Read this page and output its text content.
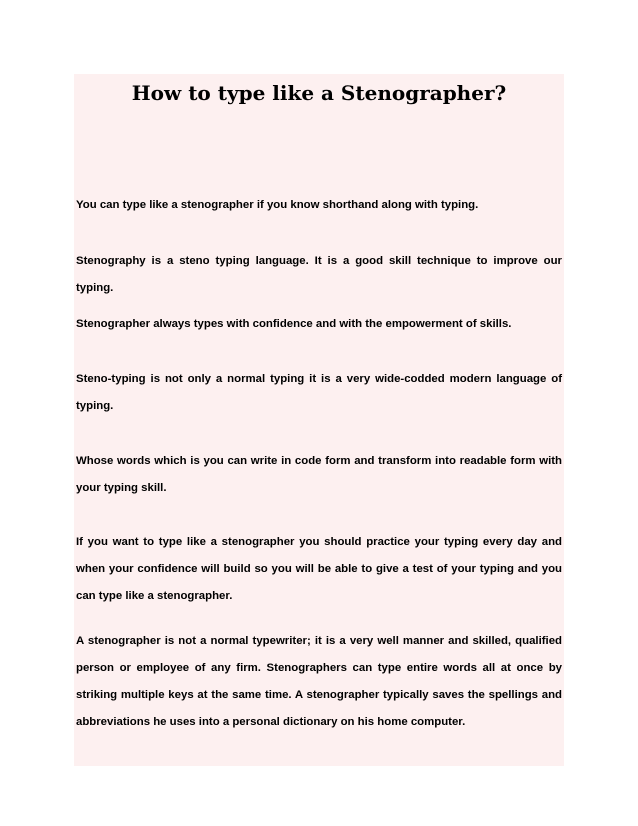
How to type like a Stenographer?

You can type like a stenographer if you know shorthand along with typing.

Stenography is a steno typing language. It is a good skill technique to improve our typing.

Stenographer always types with confidence and with the empowerment of skills.

Steno-typing is not only a normal typing it is a very wide-codded modern language of typing.

Whose words which is you can write in code form and transform into readable form with your typing skill.

If you want to type like a stenographer you should practice your typing every day and when your confidence will build so you will be able to give a test of your typing and you can type like a stenographer.

A stenographer is not a normal typewriter; it is a very well manner and skilled, qualified person or employee of any firm. Stenographers can type entire words all at once by striking multiple keys at the same time. A stenographer typically saves the spellings and abbreviations he uses into a personal dictionary on his home computer.
